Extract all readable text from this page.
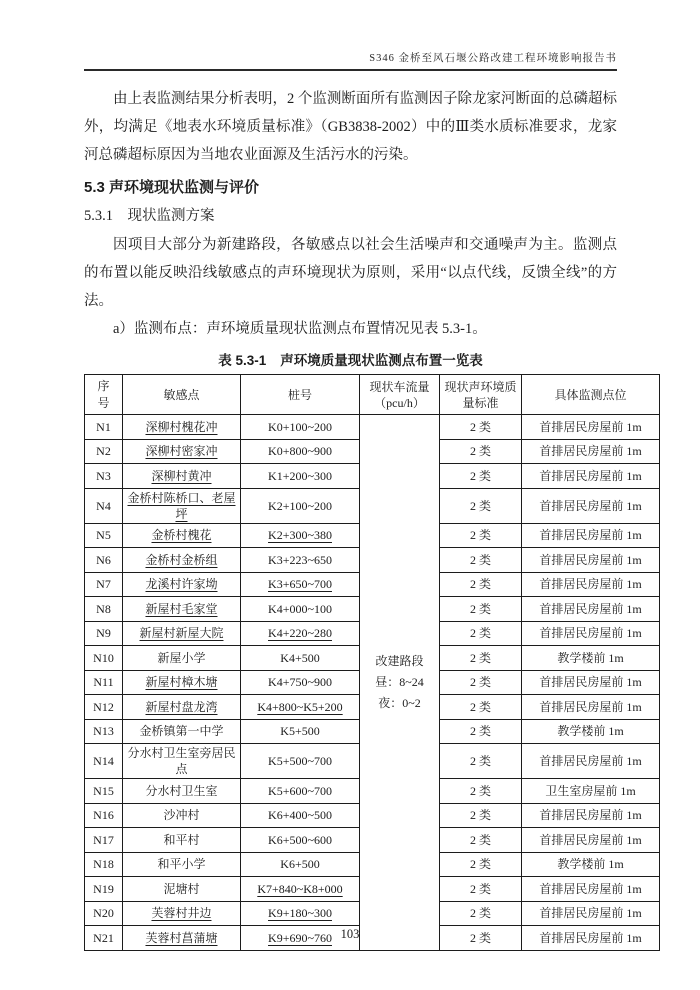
S346 金桥至风石堰公路改建工程环境影响报告书

由上表监测结果分析表明，2 个监测断面所有监测因子除龙家河断面的总磷超标外，均满足《地表水环境质量标准》（GB3838-2002）中的Ⅲ类水质标准要求，龙家河总磷超标原因为当地农业面源及生活污水的污染。

5.3 声环境现状监测与评价
5.3.1　现状监测方案

因项目大部分为新建路段，各敏感点以社会生活噪声和交通噪声为主。监测点的布置以能反映沿线敏感点的声环境现状为原则，采用“以点代线，反馈全线”的方法。

a）监测布点：声环境质量现状监测点布置情况见表 5.3-1。

表 5.3-1 声环境质量现状监测点布置一览表
序号	敏感点	桩号	现状车流量（pcu/h）	现状声环境质量标准	具体监测点位
N1	深柳村槐花冲	K0+100~200	改建路段
昼：8~24
夜：0~2	2 类	首排居民房屋前 1m
N2	深柳村密家冲	K0+800~900		2 类	首排居民房屋前 1m
N3	深柳村黄冲	K1+200~300		2 类	首排居民房屋前 1m
N4	金桥村陈桥口、老屋坪	K2+100~200		2 类	首排居民房屋前 1m
N5	金桥村槐花	K2+300~380		2 类	首排居民房屋前 1m
N6	金桥村金桥组	K3+223~650		2 类	首排居民房屋前 1m
N7	龙溪村许家坳	K3+650~700		2 类	首排居民房屋前 1m
N8	新屋村毛家堂	K4+000~100		2 类	首排居民房屋前 1m
N9	新屋村新屋大院	K4+220~280		2 类	首排居民房屋前 1m
N10	新屋小学	K4+500		2 类	教学楼前 1m
N11	新屋村樟木塘	K4+750~900		2 类	首排居民房屋前 1m
N12	新屋村盘龙湾	K4+800~K5+200		2 类	首排居民房屋前 1m
N13	金桥镇第一中学	K5+500		2 类	教学楼前 1m
N14	分水村卫生室旁居民点	K5+500~700		2 类	首排居民房屋前 1m
N15	分水村卫生室	K5+600~700		2 类	卫生室房屋前 1m
N16	沙冲村	K6+400~500		2 类	首排居民房屋前 1m
N17	和平村	K6+500~600		2 类	首排居民房屋前 1m
N18	和平小学	K6+500		2 类	教学楼前 1m
N19	泥塘村	K7+840~K8+000		2 类	首排居民房屋前 1m
N20	芙蓉村井边	K9+180~300		2 类	首排居民房屋前 1m
N21	芙蓉村菖蒲塘	K9+690~760		2 类	首排居民房屋前 1m
103
